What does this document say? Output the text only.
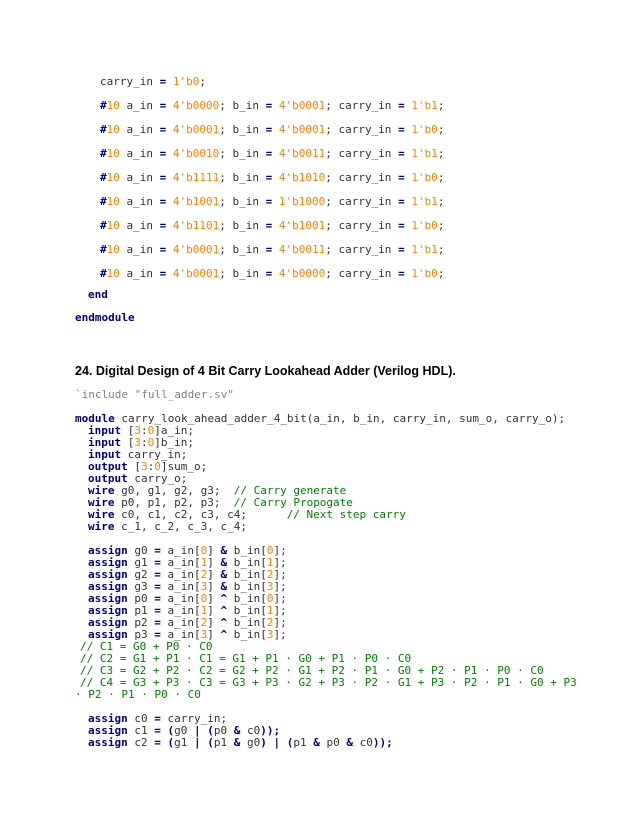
carry_in = 1'b0;
#10 a_in = 4'b0000; b_in = 4'b0001; carry_in = 1'b1;
#10 a_in = 4'b0001; b_in = 4'b0001; carry_in = 1'b0;
#10 a_in = 4'b0010; b_in = 4'b0011; carry_in = 1'b1;
#10 a_in = 4'b1111; b_in = 4'b1010; carry_in = 1'b0;
#10 a_in = 4'b1001; b_in = 1'b1000; carry_in = 1'b1;
#10 a_in = 4'b1101; b_in = 4'b1001; carry_in = 1'b0;
#10 a_in = 4'b0001; b_in = 4'b0011; carry_in = 1'b1;
#10 a_in = 4'b0001; b_in = 4'b0000; carry_in = 1'b0;
end
endmodule
24. Digital Design of 4 Bit Carry Lookahead Adder (Verilog HDL).
`include "full_adder.sv"
module carry_look_ahead_adder_4_bit(a_in, b_in, carry_in, sum_o, carry_o);
input [3:0]a_in;
input [3:0]b_in;
input carry_in;
output [3:0]sum_o;
output carry_o;
wire g0, g1, g2, g3;  // Carry generate
wire p0, p1, p2, p3;  // Carry Propogate
wire c0, c1, c2, c3, c4;      // Next step carry
wire c_1, c_2, c_3, c_4;
assign g0 = a_in[0] & b_in[0];
assign g1 = a_in[1] & b_in[1];
assign g2 = a_in[2] & b_in[2];
assign g3 = a_in[3] & b_in[3];
assign p0 = a_in[0] ^ b_in[0];
assign p1 = a_in[1] ^ b_in[1];
assign p2 = a_in[2] ^ b_in[2];
assign p3 = a_in[3] ^ b_in[3];
// C1 = G0 + P0 · C0
// C2 = G1 + P1 · C1 = G1 + P1 · G0 + P1 · P0 · C0
// C3 = G2 + P2 · C2 = G2 + P2 · G1 + P2 · P1 · G0 + P2 · P1 · P0 · C0
// C4 = G3 + P3 · C3 = G3 + P3 · G2 + P3 · P2 · G1 + P3 · P2 · P1 · G0 + P3
· P2 · P1 · P0 · C0
assign c0 = carry_in;
assign c1 = (g0 | (p0 & c0));
assign c2 = (g1 | (p1 & g0) | (p1 & p0 & c0));
